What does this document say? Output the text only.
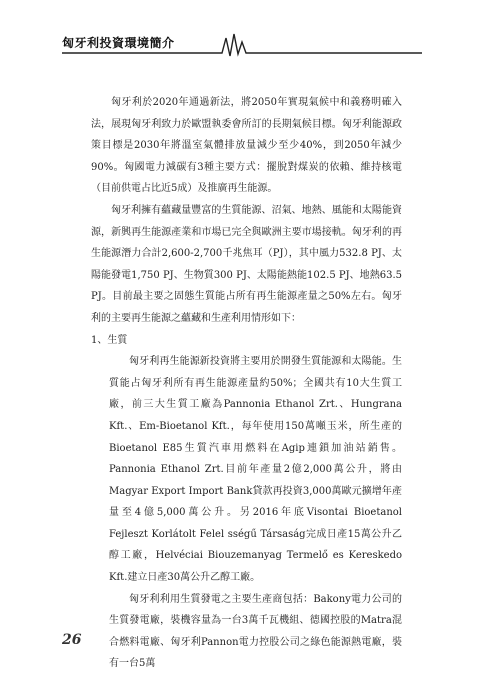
匈牙利投資環境簡介

匈牙利於2020年通過新法，將2050年實現氣候中和義務明確入法，展現匈牙利致力於歐盟執委會所訂的長期氣候目標。匈牙利能源政策目標是2030年將溫室氣體排放量減少至少40%，到2050年減少90%。匈國電力減碳有3種主要方式：擺脫對煤炭的依賴、維持核電（目前供電占比近5成）及推廣再生能源。

匈牙利擁有蘊藏量豐富的生質能源、沼氣、地熱、風能和太陽能資源，新興再生能源產業和市場已完全與歐洲主要市場接軌。匈牙利的再生能源潛力合計2,600-2,700千兆焦耳（PJ），其中風力532.8 PJ、太陽能發電1,750 PJ、生物質300 PJ、太陽能熱能102.5 PJ、地熱63.5 PJ。目前最主要之固態生質能占所有再生能源產量之50%左右。匈牙利的主要再生能源之蘊藏和生產利用情形如下：

1、生質

匈牙利再生能源新投資將主要用於開發生質能源和太陽能。生質能占匈牙利所有再生能源產量約50%；全國共有10大生質工廠，前三大生質工廠為Pannonia Ethanol Zrt.、Hungrana Kft.、Em-Bioetanol Kft.，每年使用150萬噸玉米，所生產的Bioetanol E85生質汽車用燃料在Agip連鎖加油站銷售。Pannonia Ethanol Zrt.目前年產量2億2,000萬公升，將由Magyar Export Import Bank貸款再投資3,000萬歐元擴增年產量至4億5,000萬公升。另2016年底Visontai Bioetanol Fejleszt Korlátolt Felel sségű Társaság完成日產15萬公升乙醇工廠，Helvéciai Biouzemanyag Termelő es Kereskedo Kft.建立日產30萬公升乙醇工廠。

匈牙利利用生質發電之主要生產商包括：Bakony電力公司的生質發電廠，裝機容量為一台3萬千瓦機組、德國控股的Matra混合燃料電廠、匈牙利Pannon電力控股公司之綠色能源熱電廠，裝有一台5萬

26
